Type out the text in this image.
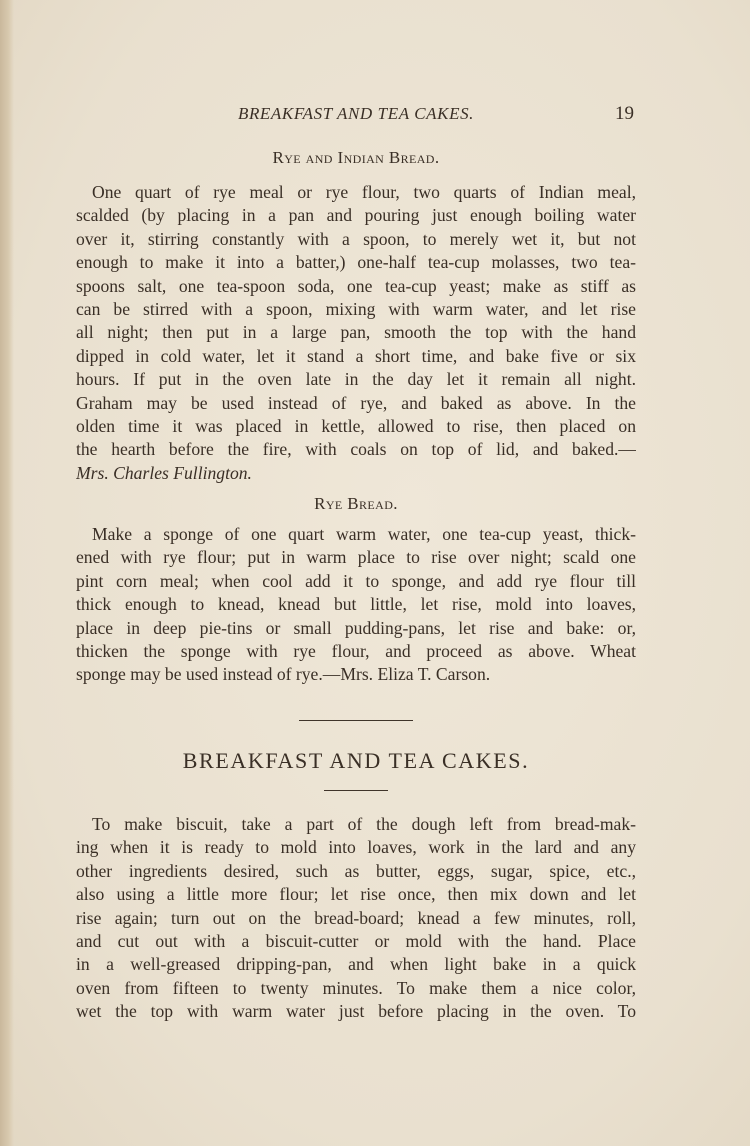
BREAKFAST AND TEA CAKES.	19
Rye and Indian Bread.
One quart of rye meal or rye flour, two quarts of Indian meal,
scalded (by placing in a pan and pouring just enough boiling water
over it, stirring constantly with a spoon, to merely wet it, but not
enough to make it into a batter,) one-half tea-cup molasses, two tea-
spoons salt, one tea-spoon soda, one tea-cup yeast; make as stiff as
can be stirred with a spoon, mixing with warm water, and let rise
all night; then put in a large pan, smooth the top with the hand
dipped in cold water, let it stand a short time, and bake five or six
hours. If put in the oven late in the day let it remain all night.
Graham may be used instead of rye, and baked as above. In the
olden time it was placed in kettle, allowed to rise, then placed on
the hearth before the fire, with coals on top of lid, and baked.—
Mrs. Charles Fullington.
Rye Bread.
Make a sponge of one quart warm water, one tea-cup yeast, thick-
ened with rye flour; put in warm place to rise over night; scald one
pint corn meal; when cool add it to sponge, and add rye flour till
thick enough to knead, knead but little, let rise, mold into loaves,
place in deep pie-tins or small pudding-pans, let rise and bake: or,
thicken the sponge with rye flour, and proceed as above. Wheat
sponge may be used instead of rye.—Mrs. Eliza T. Carson.
BREAKFAST AND TEA CAKES.
To make biscuit, take a part of the dough left from bread-mak-
ing when it is ready to mold into loaves, work in the lard and any
other ingredients desired, such as butter, eggs, sugar, spice, etc.,
also using a little more flour; let rise once, then mix down and let
rise again; turn out on the bread-board; knead a few minutes, roll,
and cut out with a biscuit-cutter or mold with the hand. Place
in a well-greased dripping-pan, and when light bake in a quick
oven from fifteen to twenty minutes. To make them a nice color,
wet the top with warm water just before placing in the oven. To
